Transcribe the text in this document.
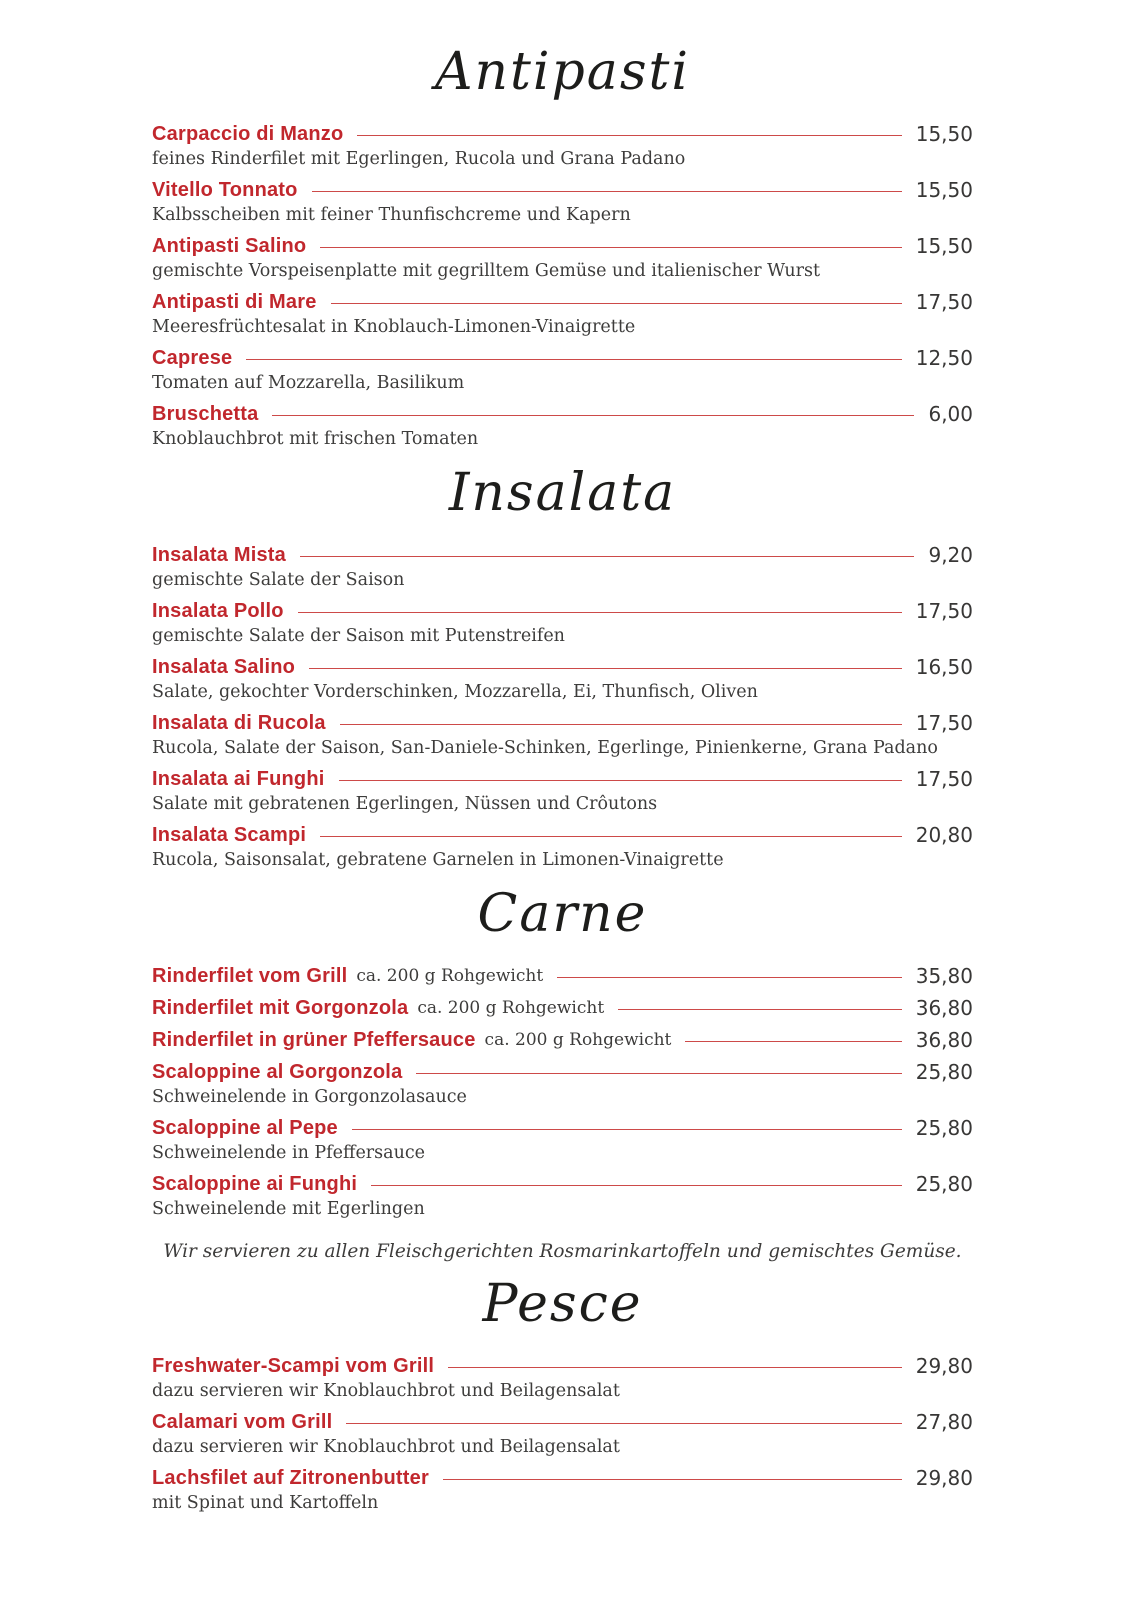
Antipasti
Carpaccio di Manzo	15,50

feines Rinderfilet mit Egerlingen, Rucola und Grana Padano

Vitello Tonnato	15,50

Kalbsscheiben mit feiner Thunfischcreme und Kapern

Antipasti Salino	15,50

gemischte Vorspeisenplatte mit gegrilltem Gemüse und italienischer Wurst

Antipasti di Mare	17,50

Meeresfrüchtesalat in Knoblauch-Limonen-Vinaigrette

Caprese	12,50

Tomaten auf Mozzarella, Basilikum

Bruschetta	6,00

Knoblauchbrot mit frischen Tomaten

Insalata
Insalata Mista	9,20

gemischte Salate der Saison

Insalata Pollo	17,50

gemischte Salate der Saison mit Putenstreifen

Insalata Salino	16,50

Salate, gekochter Vorderschinken, Mozzarella, Ei, Thunfisch, Oliven

Insalata di Rucola	17,50

Rucola, Salate der Saison, San-Daniele-Schinken, Egerlinge, Pinienkerne, Grana Padano

Insalata ai Funghi	17,50

Salate mit gebratenen Egerlingen, Nüssen und Crôutons

Insalata Scampi	20,80

Rucola, Saisonsalat, gebratene Garnelen in Limonen-Vinaigrette

Carne
Rinderfilet vom Grill ca. 200 g Rohgewicht	35,80
Rinderfilet mit Gorgonzola ca. 200 g Rohgewicht	36,80
Rinderfilet in grüner Pfeffersauce ca. 200 g Rohgewicht	36,80
Scaloppine al Gorgonzola	25,80

Schweinelende in Gorgonzolasauce

Scaloppine al Pepe	25,80

Schweinelende in Pfeffersauce

Scaloppine ai Funghi	25,80

Schweinelende mit Egerlingen

Wir servieren zu allen Fleischgerichten Rosmarinkartoffeln und gemischtes Gemüse.

Pesce
Freshwater-Scampi vom Grill	29,80

dazu servieren wir Knoblauchbrot und Beilagensalat

Calamari vom Grill	27,80

dazu servieren wir Knoblauchbrot und Beilagensalat

Lachsfilet auf Zitronenbutter	29,80

mit Spinat und Kartoffeln
